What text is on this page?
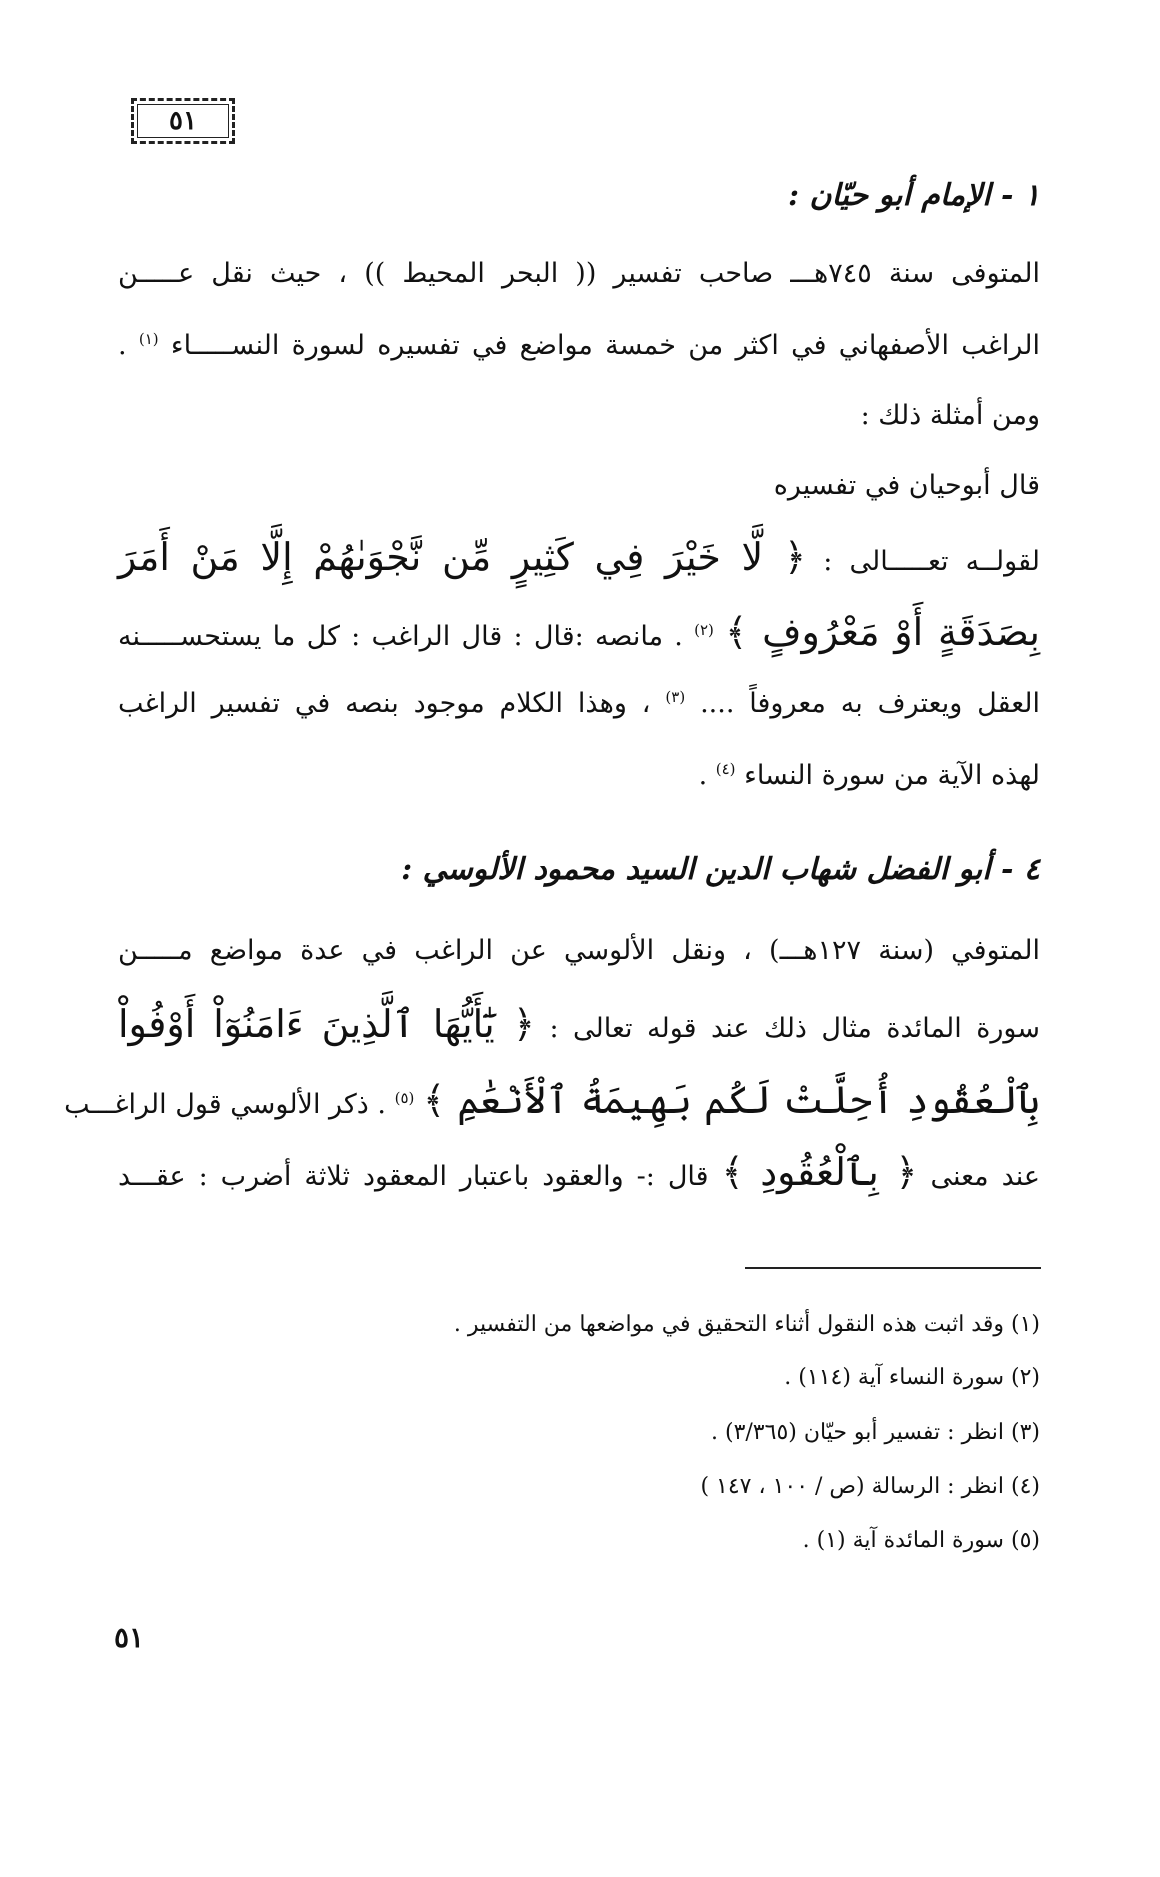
٥١
١ - الإمام أبو حيّان :
المتوفى سنة ٧٤٥هـــ صاحب تفسير (( البحر المحيط )) ، حيث نقل عـــــن
الراغب الأصفهاني في اكثر من خمسة مواضع في تفسيره لسورة النســـــاء $^{(١)}$ .
ومن أمثلة ذلك :
قال أبوحيان في تفسيره
لقولــه تعـــــالى : ﴿ لَّا خَيْرَ فِي كَثِيرٍ مِّن نَّجْوَىٰهُمْ إِلَّا مَنْ أَمَرَ
بِصَدَقَةٍ أَوْ مَعْرُوفٍ ﴾ $^{(٢)}$ . مانصه :قال : قال الراغب : كل ما يستحســـــنه
العقل ويعترف به معروفاً .... $^{(٣)}$ ، وهذا الكلام موجود بنصه في تفسير الراغب
لهذه الآية من سورة النساء $^{(٤)}$ .
٤ - أبو الفضل شهاب الدين السيد محمود الألوسي :
المتوفي (سنة ١٢٧هـــ) ، ونقل الألوسي عن الراغب في عدة مواضع مـــــن
سورة المائدة مثال ذلك عند قوله تعالى : ﴿ يَٰٓأَيُّهَا ٱلَّذِينَ ءَامَنُوٓاْ أَوْفُواْ
بِٱلْعُقُودِ أُحِلَّتْ لَكُم بَهِيمَةُ ٱلْأَنْعَٰمِ ﴾ $^{(٥)}$ . ذكر الألوسي قول الراغـــب
عند معنى ﴿ بِٱلْعُقُودِ ﴾ قال :- والعقود باعتبار المعقود ثلاثة أضرب : عقـــد
(١) وقد اثبت هذه النقول أثناء التحقيق في مواضعها من التفسير .
(٢) سورة النساء آية (١١٤) .
(٣) انظر : تفسير أبو حيّان (٣/٣٦٥) .
(٤) انظر : الرسالة (ص / ١٠٠ ، ١٤٧ )
(٥) سورة المائدة آية (١) .
٥١
